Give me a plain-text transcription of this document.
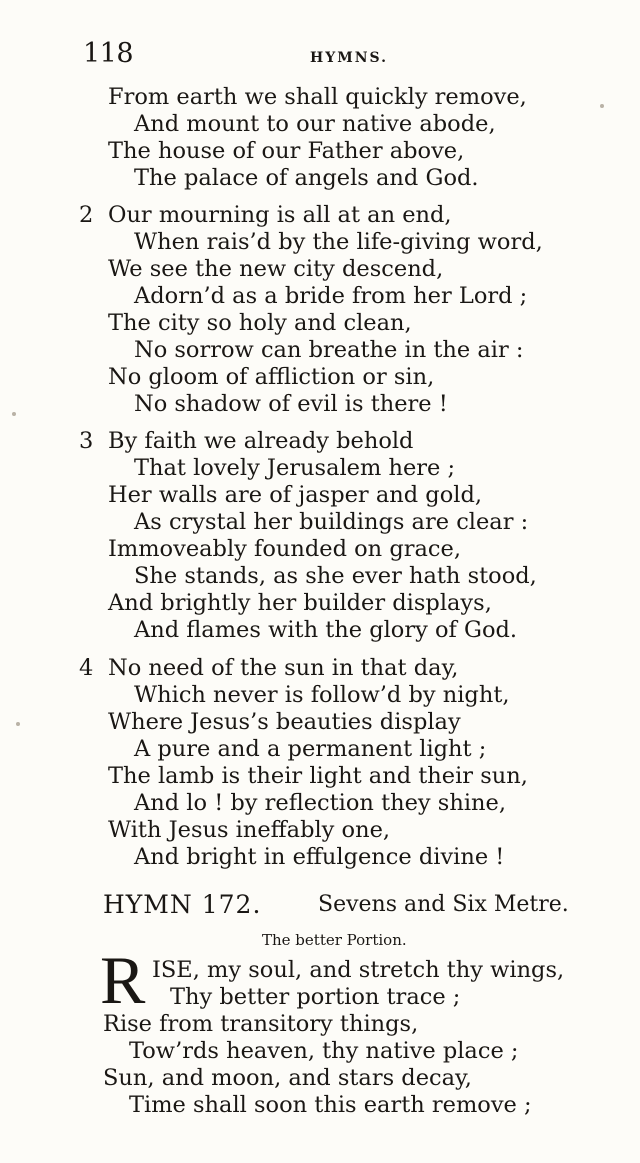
118	HYMNS.
From earth we shall quickly remove,
And mount to our native abode,
The house of our Father above,
The palace of angels and God.
2 Our mourning is all at an end,
When rais’d by the life-giving word,
We see the new city descend,
Adorn’d as a bride from her Lord ;
The city so holy and clean,
No sorrow can breathe in the air :
No gloom of affliction or sin,
No shadow of evil is there !
3 By faith we already behold
That lovely Jerusalem here ;
Her walls are of jasper and gold,
As crystal her buildings are clear :
Immoveably founded on grace,
She stands, as she ever hath stood,
And brightly her builder displays,
And flames with the glory of God.
4 No need of the sun in that day,
Which never is follow’d by night,
Where Jesus’s beauties display
A pure and a permanent light ;
The lamb is their light and their sun,
And lo ! by reflection they shine,
With Jesus ineffably one,
And bright in effulgence divine !
HYMN 172.	Sevens and Six Metre.
The better Portion.
R ISE, my soul, and stretch thy wings,
Thy better portion trace ;
Rise from transitory things,
Tow’rds heaven, thy native place ;
Sun, and moon, and stars decay,
Time shall soon this earth remove ;
